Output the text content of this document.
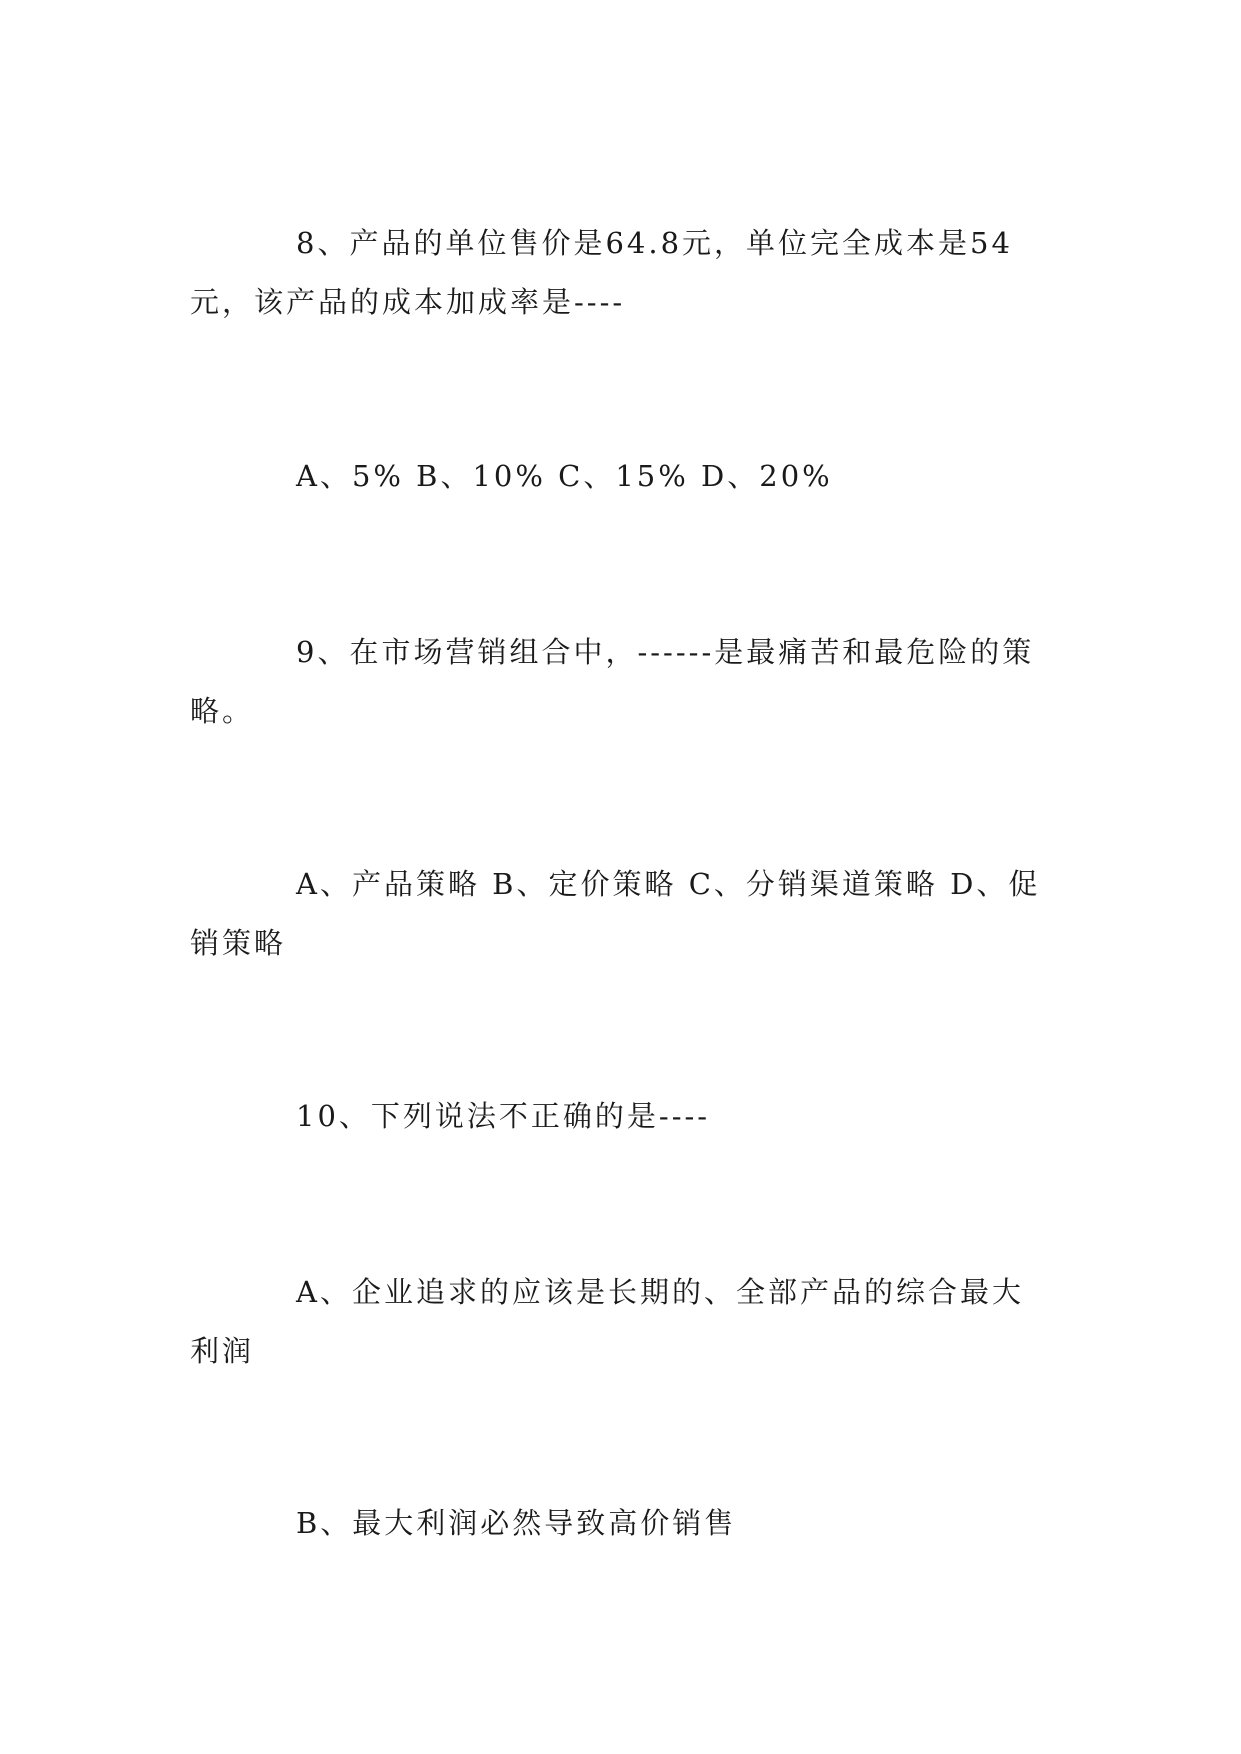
8、产品的单位售价是64.8元，单位完全成本是54元，该产品的成本加成率是----

A、5% B、10% C、15% D、20%

9、在市场营销组合中，------是最痛苦和最危险的策略。

A、产品策略 B、定价策略 C、分销渠道策略 D、促销策略

10、下列说法不正确的是----

A、企业追求的应该是长期的、全部产品的综合最大利润

B、最大利润必然导致高价销售
